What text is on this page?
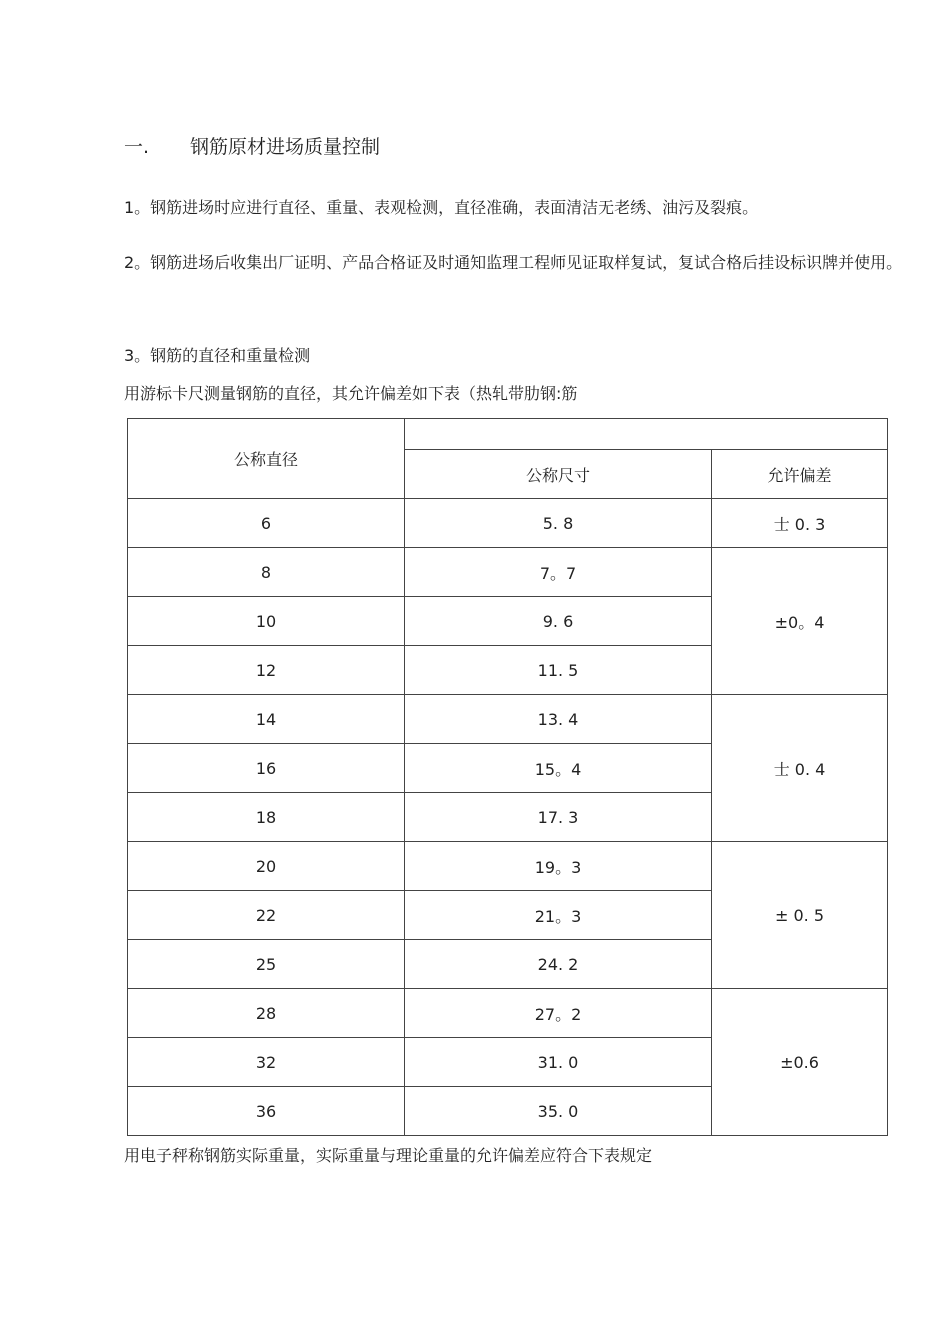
一.	钢筋原材进场质量控制
1。钢筋进场时应进行直径、重量、表观检测，直径准确，表面清洁无老绣、油污及裂痕。
2。钢筋进场后收集出厂证明、产品合格证及时通知监理工程师见证取样复试，复试合格后挂设标识牌并使用。
3。钢筋的直径和重量检测
用游标卡尺测量钢筋的直径，其允许偏差如下表（热轧带肋钢:筋
公称直径		
	公称尺寸	允许偏差
6	5. 8	士 0. 3
8	7。7	±0。4
10	9. 6	
12	11. 5	
14	13. 4	士 0. 4
16	15。4	
18	17. 3	
20	19。3	± 0. 5
22	21。3	
25	24. 2	
28	27。2	±0.6
32	31. 0	
36	35. 0	
用电子秤称钢筋实际重量，实际重量与理论重量的允许偏差应符合下表规定
